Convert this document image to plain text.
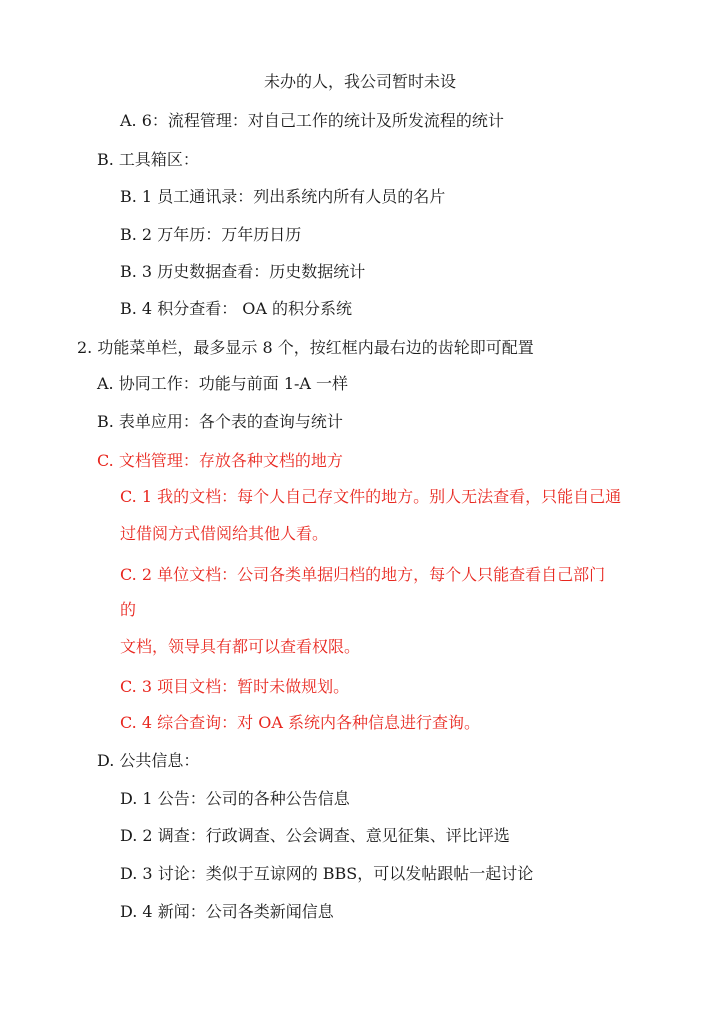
未办的人，我公司暂时未设
A. 6：流程管理：对自己工作的统计及所发流程的统计
B. 工具箱区：
B. 1 员工通讯录：列出系统内所有人员的名片
B. 2 万年历：万年历日历
B. 3 历史数据查看：历史数据统计
B. 4 积分查看： OA 的积分系统
2. 功能菜单栏，最多显示 8 个，按红框内最右边的齿轮即可配置
A. 协同工作：功能与前面 1-A 一样
B. 表单应用：各个表的查询与统计
C. 文档管理：存放各种文档的地方
C. 1 我的文档：每个人自己存文件的地方。别人无法查看，只能自己通
过借阅方式借阅给其他人看。
C. 2 单位文档：公司各类单据归档的地方，每个人只能查看自己部门
的
文档，领导具有都可以查看权限。
C. 3 项目文档：暂时未做规划。
C. 4 综合查询：对 OA 系统内各种信息进行查询。
D. 公共信息：
D. 1 公告：公司的各种公告信息
D. 2 调查：行政调查、公会调查、意见征集、评比评选
D. 3 讨论：类似于互谅网的 BBS，可以发帖跟帖一起讨论
D. 4 新闻：公司各类新闻信息
